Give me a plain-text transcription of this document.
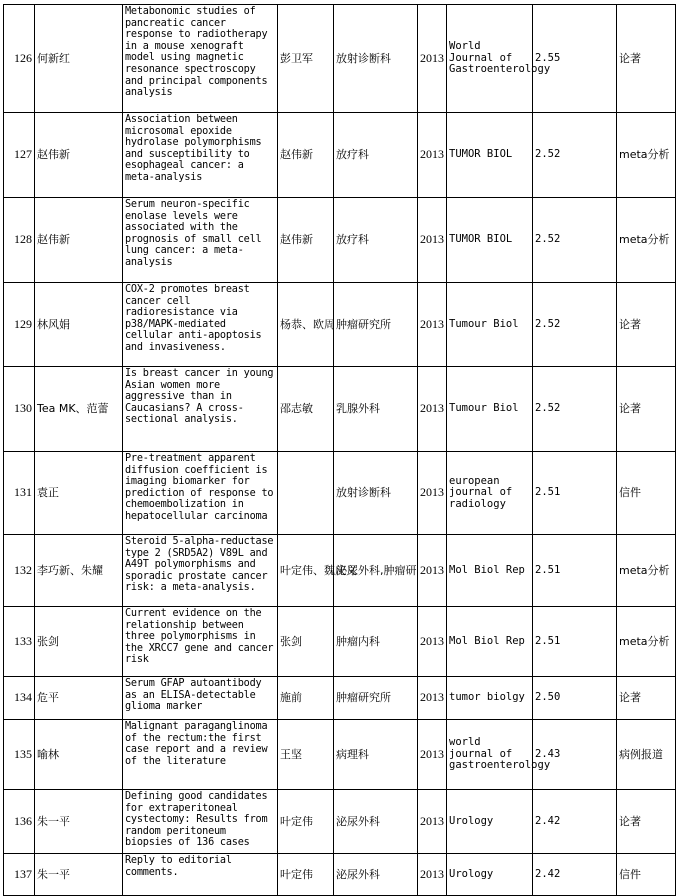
126	何新红	Metabonomic studies of pancreatic cancer response to radiotherapy in a mouse xenograft model using magnetic resonance spectroscopy and principal components analysis	彭卫军	放射诊断科	2013	World Journal of Gastroenterology	2.55	论著
127	赵伟新	Association between microsomal epoxide hydrolase polymorphisms and susceptibility to esophageal cancer: a meta-analysis	赵伟新	放疗科	2013	TUMOR BIOL	2.52	meta分析
128	赵伟新	Serum neuron-specific enolase levels were associated with the prognosis of small cell lung cancer: a meta-analysis	赵伟新	放疗科	2013	TUMOR BIOL	2.52	meta分析
129	林风娟	COX-2 promotes breast cancer cell radioresistance via p38/MAPK-mediated cellular anti-apoptosis and invasiveness.	杨恭、欧周	肿瘤研究所	2013	Tumour Biol	2.52	论著
130	Tea MK、范蕾	Is breast cancer in young Asian women more aggressive than in Caucasians? A cross-sectional analysis.	邵志敏	乳腺外科	2013	Tumour Biol	2.52	论著
131	袁正	Pre-treatment apparent diffusion coefficient is imaging biomarker for prediction of response to chemoembolization in hepatocellular carcinoma		放射诊断科	2013	european journal of radiology	2.51	信件
132	李巧新、朱耀	Steroid 5-alpha-reductase type 2 (SRD5A2) V89L and A49T polymorphisms and sporadic prostate cancer risk: a meta-analysis.	叶定伟、魏庆义	泌尿外科,肿瘤研	2013	Mol Biol Rep	2.51	meta分析
133	张剑	Current evidence on the relationship between three polymorphisms in the XRCC7 gene and cancer risk	张剑	肿瘤内科	2013	Mol Biol Rep	2.51	meta分析
134	危平	Serum GFAP autoantibody as an ELISA-detectable glioma marker	施前	肿瘤研究所	2013	tumor biolgy	2.50	论著
135	喻林	Malignant paraganglinoma of the rectum:the first case report and a review of the literature	王坚	病理科	2013	world journal of gastroenterology	2.43	病例报道
136	朱一平	Defining good candidates for extraperitoneal cystectomy: Results from random peritoneum biopsies of 136 cases	叶定伟	泌尿外科	2013	Urology	2.42	论著
137	朱一平	Reply to editorial comments.	叶定伟	泌尿外科	2013	Urology	2.42	信件
